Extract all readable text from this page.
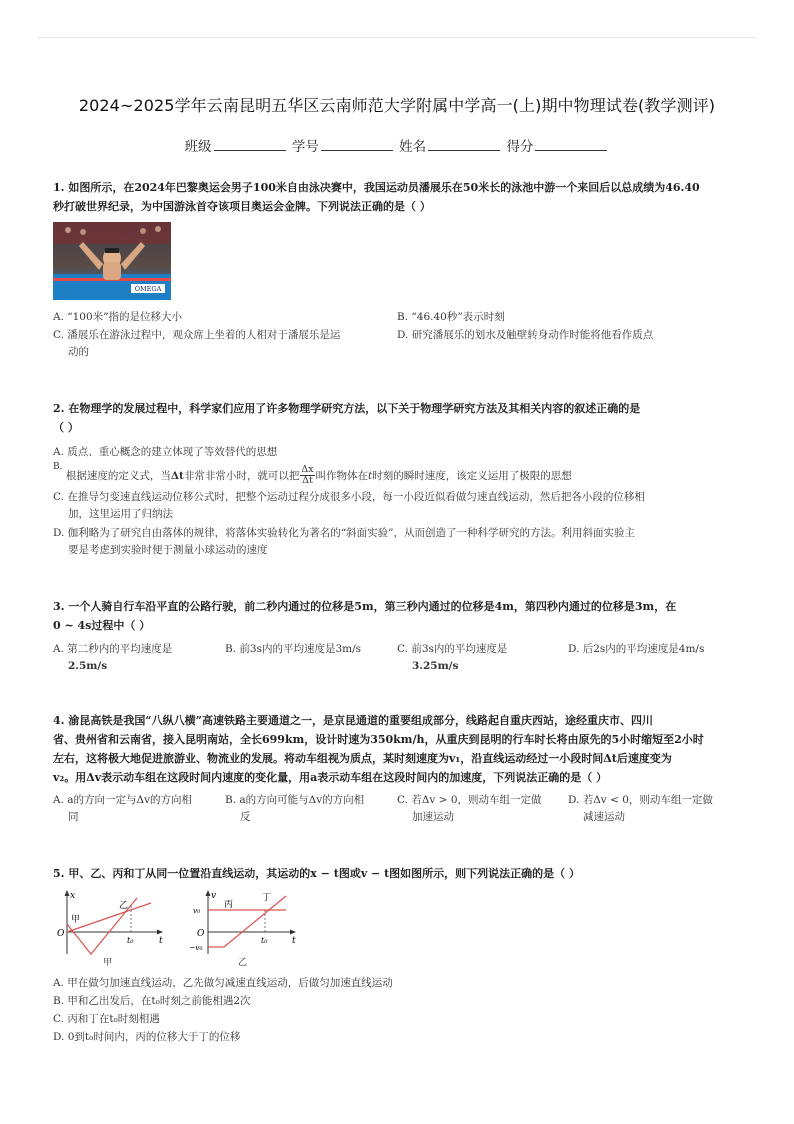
2024~2025学年云南昆明五华区云南师范大学附属中学高一(上)期中物理试卷(教学测评)
班级	学号	姓名	得分
1. 如图所示，在2024年巴黎奥运会男子100米自由泳决赛中，我国运动员潘展乐在50米长的泳池中游一个来回后以总成绩为46.40
秒打破世界纪录，为中国游泳首夺该项目奥运会金牌。下列说法正确的是（ ）
OMEGA
A. “100米”指的是位移大小	B. “46.40秒”表示时刻
C. 潘展乐在游泳过程中，观众席上坐着的人相对于潘展乐是运
动的
D. 研究潘展乐的划水及触壁转身动作时能将他看作质点
2. 在物理学的发展过程中，科学家们应用了许多物理学研究方法，以下关于物理学研究方法及其相关内容的叙述正确的是
（ ）
A. 质点、重心概念的建立体现了等效替代的思想
B. 根据速度的定义式，当Δt非常非常小时，就可以把 $\frac{\Delta x}{\Delta t}$ 叫作物体在t时刻的瞬时速度，该定义运用了极限的思想
C. 在推导匀变速直线运动位移公式时，把整个运动过程分成很多小段，每一小段近似看做匀速直线运动，然后把各小段的位移相
加，这里运用了归纳法
D. 伽利略为了研究自由落体的规律，将落体实验转化为著名的“斜面实验”，从而创造了一种科学研究的方法。利用斜面实验主
要是考虑到实验时便于测量小球运动的速度
3. 一个人骑自行车沿平直的公路行驶，前二秒内通过的位移是5m，第三秒内通过的位移是4m，第四秒内通过的位移是3m，在
0 ~ 4s过程中（ ）
A. 第二秒内的平均速度是
2.5m/s
B. 前3s内的平均速度是3m/s	C. 前3s内的平均速度是
3.25m/s
D. 后2s内的平均速度是4m/s
4. 渝昆高铁是我国“八纵八横”高速铁路主要通道之一，是京昆通道的重要组成部分，线路起自重庆西站，途经重庆市、四川
省、贵州省和云南省，接入昆明南站，全长699km，设计时速为350km/h，从重庆到昆明的行车时长将由原先的5小时缩短至2小时
左右，这将极大地促进旅游业、物流业的发展。将动车组视为质点，某时刻速度为v₁，沿直线运动经过一小段时间Δt后速度变为
v₂。用Δv表示动车组在这段时间内速度的变化量，用a表示动车组在这段时间内的加速度，下列说法正确的是（ ）
A. a的方向一定与Δv的方向相
同
B. a的方向可能与Δv的方向相
反
C. 若Δv > 0，则动车组一定做
加速运动
D. 若Δv < 0，则动车组一定做
减速运动
5. 甲、乙、丙和丁从同一位置沿直线运动，其运动的x − t图或v − t图如图所示，则下列说法正确的是（ ）
x
t
O
t₀
甲
乙
甲
v
t
O
v₀
−v₀
t₀
丙
丁
乙
A. 甲在做匀加速直线运动，乙先做匀减速直线运动，后做匀加速直线运动
B. 甲和乙出发后，在t₀时刻之前能相遇2次
C. 丙和丁在t₀时刻相遇
D. 0到t₀时间内，丙的位移大于丁的位移
